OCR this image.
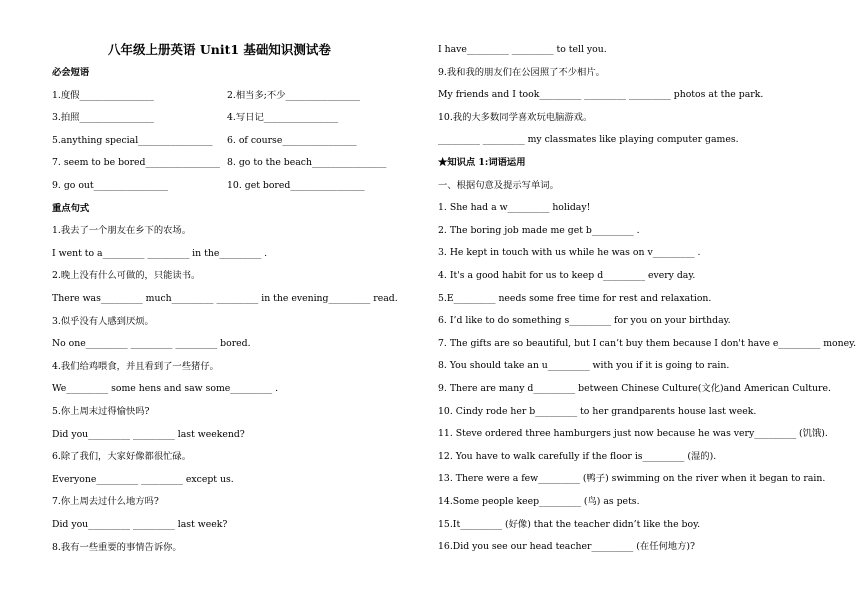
八年级上册英语 Unit1 基础知识测试卷
必会短语
1.度假________________	2.相当多;不少________________
3.拍照________________	4.写日记________________
5.anything special________________ 6. of course________________
7. seem to be bored________________ 8. go to the beach________________
9. go out________________	10. get bored________________
重点句式
1.我去了一个朋友在乡下的农场。
I went to a_________ _________ in the_________ .
2.晚上没有什么可做的，只能读书。
There was_________ much_________ _________ in the evening_________ read.
3.似乎没有人感到厌烦。
No one_________ _________ _________ bored.
4.我们给鸡喂食，并且看到了一些猪仔。
We_________ some hens and saw some_________ .
5.你上周末过得愉快吗?
Did you_________ _________ last weekend?
6.除了我们，大家好像都很忙碌。
Everyone_________ _________ except us.
7.你上周去过什么地方吗?
Did you_________ _________ last week?
8.我有一些重要的事情告诉你。
I have_________ _________ to tell you.
9.我和我的朋友们在公园照了不少相片。
My friends and I took_________ _________ _________ photos at the park.
10.我的大多数同学喜欢玩电脑游戏。
_________ _________ my classmates like playing computer games.
★知识点 1:词语运用
一、根据句意及提示写单词。
1. She had a w_________ holiday!
2. The boring job made me get b_________ .
3. He kept in touch with us while he was on v_________ .
4. It's a good habit for us to keep d_________ every day.
5.E_________ needs some free time for rest and relaxation.
6. I’d like to do something s_________ for you on your birthday.
7. The gifts are so beautiful, but I can’t buy them because I don't have e_________ money.
8. You should take an u_________ with you if it is going to rain.
9. There are many d_________ between Chinese Culture(文化)and American Culture.
10. Cindy rode her b_________ to her grandparents house last week.
11. Steve ordered three hamburgers just now because he was very_________ (饥饿).
12. You have to walk carefully if the floor is_________ (湿的).
13. There were a few_________ (鸭子) swimming on the river when it began to rain.
14.Some people keep_________ (鸟) as pets.
15.It_________ (好像) that the teacher didn’t like the boy.
16.Did you see our head teacher_________ (在任何地方)?
